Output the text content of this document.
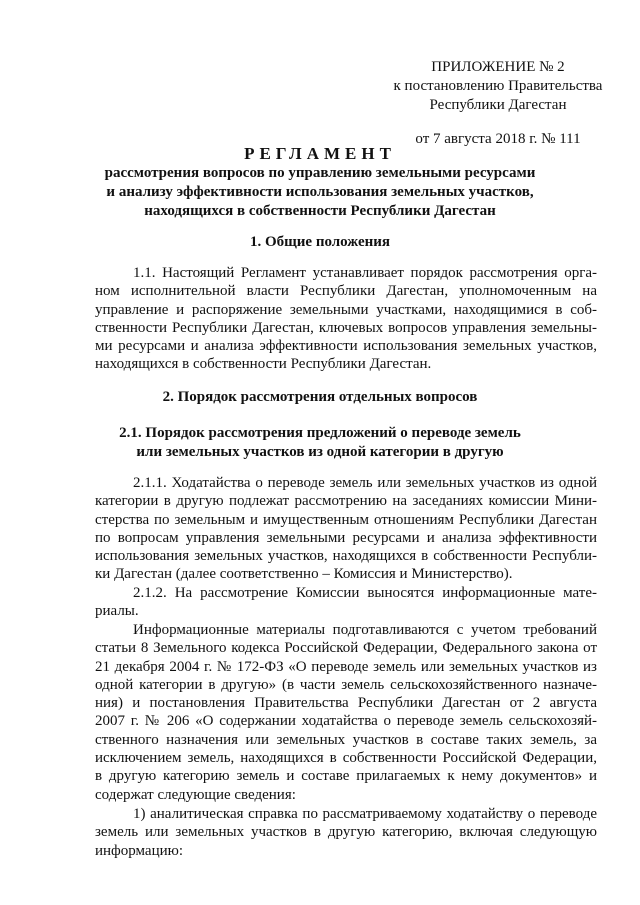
ПРИЛОЖЕНИЕ № 2
к постановлению Правительства
Республики Дагестан
от 7 августа 2018 г. № 111
РЕГЛАМЕНТ
рассмотрения вопросов по управлению земельными ресурсами
и анализу эффективности использования земельных участков,
находящихся в собственности Республики Дагестан
1. Общие положения
1.1. Настоящий Регламент устанавливает порядок рассмотрения орга-
ном исполнительной власти Республики Дагестан, уполномоченным на
управление и распоряжение земельными участками, находящимися в соб-
ственности Республики Дагестан, ключевых вопросов управления земельны-
ми ресурсами и анализа эффективности использования земельных участков,
находящихся в собственности Республики Дагестан.
2. Порядок рассмотрения отдельных вопросов
2.1. Порядок рассмотрения предложений о переводе земель
или земельных участков из одной категории в другую
2.1.1. Ходатайства о переводе земель или земельных участков из одной
категории в другую подлежат рассмотрению на заседаниях комиссии Мини-
стерства по земельным и имущественным отношениям Республики Дагестан
по вопросам управления земельными ресурсами и анализа эффективности
использования земельных участков, находящихся в собственности Республи-
ки Дагестан (далее соответственно – Комиссия и Министерство).
2.1.2. На рассмотрение Комиссии выносятся информационные мате-
риалы.
Информационные материалы подготавливаются с учетом требований
статьи 8 Земельного кодекса Российской Федерации, Федерального закона от
21 декабря 2004 г. № 172-ФЗ «О переводе земель или земельных участков из
одной категории в другую» (в части земель сельскохозяйственного назначе-
ния) и постановления Правительства Республики Дагестан от 2 августа
2007 г. № 206 «О содержании ходатайства о переводе земель сельскохозяй-
ственного назначения или земельных участков в составе таких земель, за
исключением земель, находящихся в собственности Российской Федерации,
в другую категорию земель и составе прилагаемых к нему документов» и
содержат следующие сведения:
1) аналитическая справка по рассматриваемому ходатайству о переводе
земель или земельных участков в другую категорию, включая следующую
информацию:
